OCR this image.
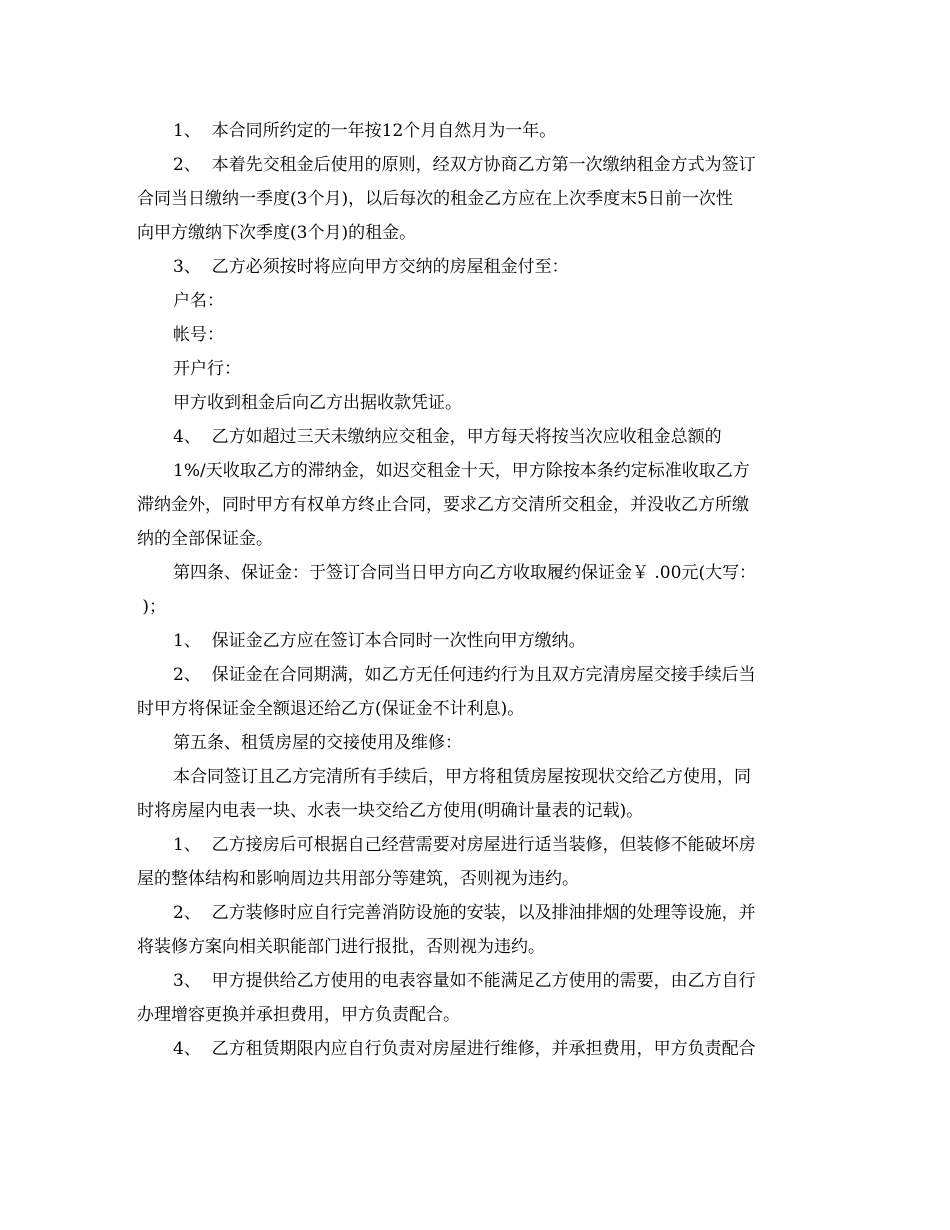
1、  本合同所约定的一年按12个月自然月为一年。
2、  本着先交租金后使用的原则，经双方协商乙方第一次缴纳租金方式为签订
合同当日缴纳一季度(3个月)，以后每次的租金乙方应在上次季度末5日前一次性
向甲方缴纳下次季度(3个月)的租金。
3、  乙方必须按时将应向甲方交纳的房屋租金付至：
户名：
帐号：
开户行：
甲方收到租金后向乙方出据收款凭证。
4、  乙方如超过三天未缴纳应交租金，甲方每天将按当次应收租金总额的
1%/天收取乙方的滞纳金，如迟交租金十天，甲方除按本条约定标准收取乙方
滞纳金外，同时甲方有权单方终止合同，要求乙方交清所交租金，并没收乙方所缴
纳的全部保证金。
第四条、保证金：于签订合同当日甲方向乙方收取履约保证金￥ .00元(大写：
)；
1、  保证金乙方应在签订本合同时一次性向甲方缴纳。
2、  保证金在合同期满，如乙方无任何违约行为且双方完清房屋交接手续后当
时甲方将保证金全额退还给乙方(保证金不计利息)。
第五条、租赁房屋的交接使用及维修：
本合同签订且乙方完清所有手续后，甲方将租赁房屋按现状交给乙方使用，同
时将房屋内电表一块、水表一块交给乙方使用(明确计量表的记载)。
1、  乙方接房后可根据自己经营需要对房屋进行适当装修，但装修不能破坏房
屋的整体结构和影响周边共用部分等建筑，否则视为违约。
2、  乙方装修时应自行完善消防设施的安装，以及排油排烟的处理等设施，并
将装修方案向相关职能部门进行报批，否则视为违约。
3、  甲方提供给乙方使用的电表容量如不能满足乙方使用的需要，由乙方自行
办理增容更换并承担费用，甲方负责配合。
4、  乙方租赁期限内应自行负责对房屋进行维修，并承担费用，甲方负责配合
